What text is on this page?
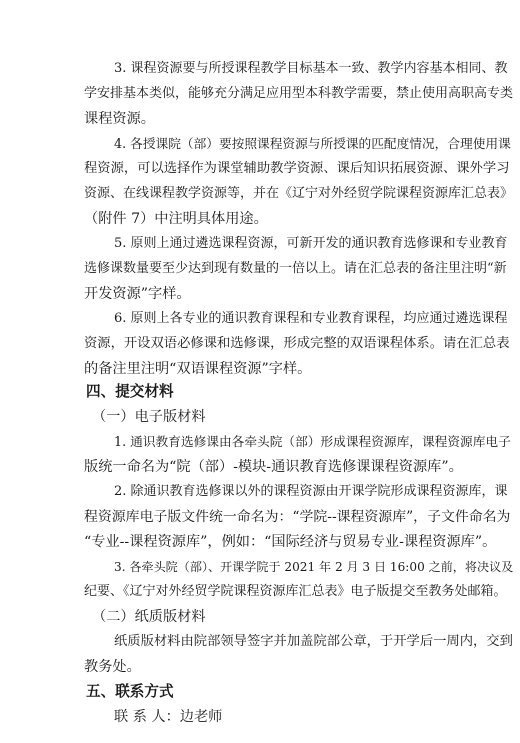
3. 课程资源要与所授课程教学目标基本一致、教学内容基本相同、教
学安排基本类似，能够充分满足应用型本科教学需要，禁止使用高职高专类
课程资源。
4. 各授课院（部）要按照课程资源与所授课的匹配度情况，合理使用课
程资源，可以选择作为课堂辅助教学资源、课后知识拓展资源、课外学习
资源、在线课程教学资源等，并在《辽宁对外经贸学院课程资源库汇总表》
（附件 7）中注明具体用途。
5. 原则上通过遴选课程资源，可新开发的通识教育选修课和专业教育
选修课数量要至少达到现有数量的一倍以上。请在汇总表的备注里注明“新
开发资源”字样。
6. 原则上各专业的通识教育课程和专业教育课程，均应通过遴选课程
资源，开设双语必修课和选修课，形成完整的双语课程体系。请在汇总表
的备注里注明“双语课程资源”字样。
四、提交材料
（一）电子版材料
1. 通识教育选修课由各牵头院（部）形成课程资源库，课程资源库电子
版统一命名为“院（部）-模块-通识教育选修课课程资源库”。
2. 除通识教育选修课以外的课程资源由开课学院形成课程资源库，课
程资源库电子版文件统一命名为：“学院--课程资源库”，子文件命名为
“专业--课程资源库”，例如：“国际经济与贸易专业-课程资源库”。
3. 各牵头院（部）、开课学院于 2021 年 2 月 3 日 16:00 之前，将决议及
纪要、《辽宁对外经贸学院课程资源库汇总表》电子版提交至教务处邮箱。
（二）纸质版材料
纸质版材料由院部领导签字并加盖院部公章，于开学后一周内，交到
教务处。
五、联系方式
联 系 人：边老师
